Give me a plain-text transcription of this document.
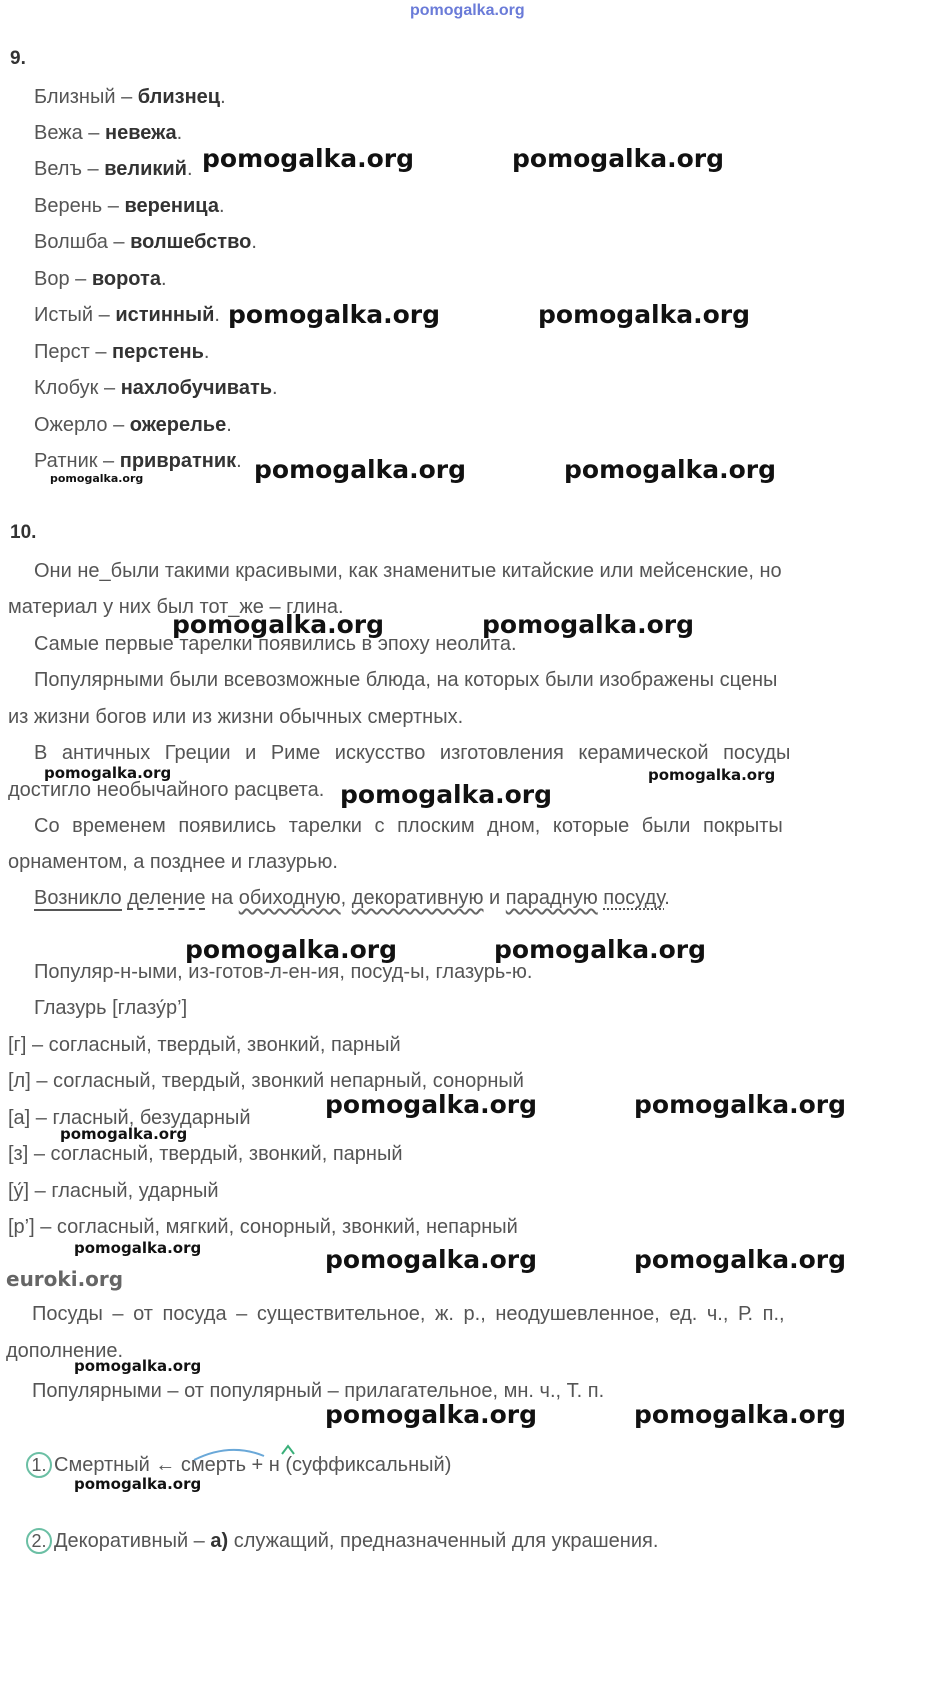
pomogalka.org
9.
Близный – близнец.
Вежа – невежа.
Велъ – великий.
Верень – вереница.
Волшба – волшебство.
Вор – ворота.
Истый – истинный.
Перст – перстень.
Клобук – нахлобучивать.
Ожерло – ожерелье.
Ратник – привратник.
10.
Они не_были такими красивыми, как знаменитые китайские или мейсенские, но
материал у них был тот_же – глина.
Самые первые тарелки появились в эпоху неолита.
Популярными были всевозможные блюда, на которых были изображены сцены
из жизни богов или из жизни обычных смертных.
В античных Греции и Риме искусство изготовления керамической посуды
достигло необычайного расцвета.
Со временем появились тарелки с плоским дном, которые были покрыты
орнаментом, а позднее и глазурью.
Возникло деление на обиходную, декоративную и парадную посуду.
Популяр-н-ыми, из-готов-л-ен-ия, посуд-ы, глазурь-ю.
Глазурь [глазу́р’]
[г] – согласный, твердый, звонкий, парный
[л] – согласный, твердый, звонкий непарный, сонорный
[а] – гласный, безударный
[з] – согласный, твердый, звонкий, парный
[у́] – гласный, ударный
[р’] – согласный, мягкий, сонорный, звонкий, непарный
euroki.org
Посуды – от посуда – существительное, ж. р., неодушевленное, ед. ч., Р. п.,
дополнение.
Популярными – от популярный – прилагательное, мн. ч., Т. п.
1. Смертный ← смерть + н (суффиксальный)
2. Декоративный – а) служащий, предназначенный для украшения.
pomogalka.org	pomogalka.org
pomogalka.org	pomogalka.org
pomogalka.org	pomogalka.org
pomogalka.org	pomogalka.org
pomogalka.org
pomogalka.org	pomogalka.org
pomogalka.org	pomogalka.org
pomogalka.org	pomogalka.org
pomogalka.org	pomogalka.org
pomogalka.org	pomogalka.org
pomogalka.org
pomogalka.org
pomogalka.org
pomogalka.org
pomogalka.org
